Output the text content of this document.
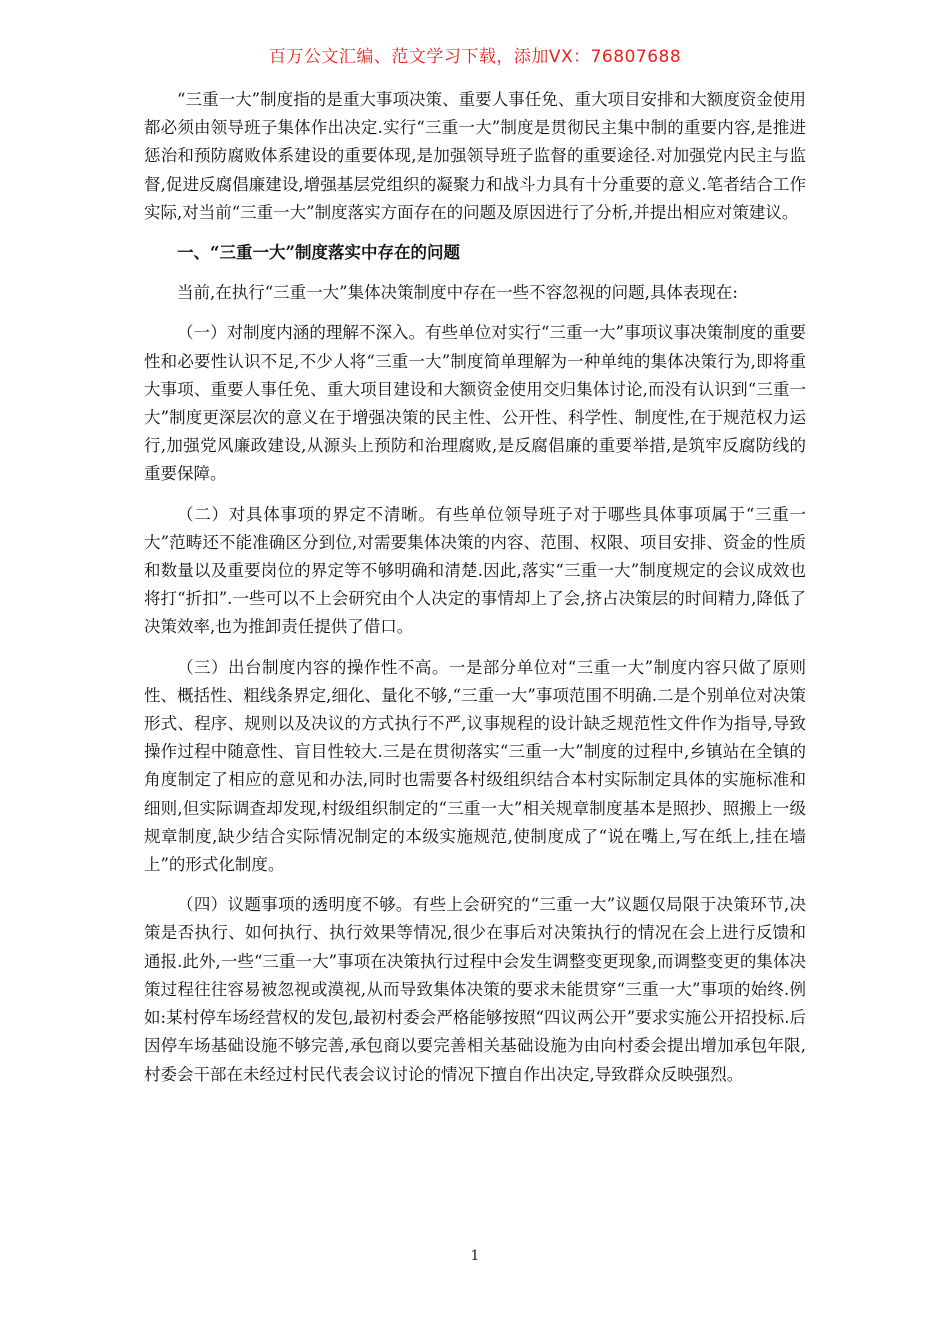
百万公文汇编、范文学习下载，添加VX：76807688

“三重一大”制度指的是重大事项决策、重要人事任免、重大项目安排和大额度资金使用都必须由领导班子集体作出决定.实行“三重一大”制度是贯彻民主集中制的重要内容,是推进惩治和预防腐败体系建设的重要体现,是加强领导班子监督的重要途径.对加强党内民主与监督,促进反腐倡廉建设,增强基层党组织的凝聚力和战斗力具有十分重要的意义.笔者结合工作实际,对当前“三重一大”制度落实方面存在的问题及原因进行了分析,并提出相应对策建议。

一、“三重一大”制度落实中存在的问题

当前,在执行“三重一大”集体决策制度中存在一些不容忽视的问题,具体表现在:

（一）对制度内涵的理解不深入。有些单位对实行“三重一大”事项议事决策制度的重要性和必要性认识不足,不少人将“三重一大”制度简单理解为一种单纯的集体决策行为,即将重大事项、重要人事任免、重大项目建设和大额资金使用交归集体讨论,而没有认识到“三重一大”制度更深层次的意义在于增强决策的民主性、公开性、科学性、制度性,在于规范权力运行,加强党风廉政建设,从源头上预防和治理腐败,是反腐倡廉的重要举措,是筑牢反腐防线的重要保障。

（二）对具体事项的界定不清晰。有些单位领导班子对于哪些具体事项属于“三重一大”范畴还不能准确区分到位,对需要集体决策的内容、范围、权限、项目安排、资金的性质和数量以及重要岗位的界定等不够明确和清楚.因此,落实“三重一大”制度规定的会议成效也将打“折扣”.一些可以不上会研究由个人决定的事情却上了会,挤占决策层的时间精力,降低了决策效率,也为推卸责任提供了借口。

（三）出台制度内容的操作性不高。一是部分单位对“三重一大”制度内容只做了原则性、概括性、粗线条界定,细化、量化不够,“三重一大”事项范围不明确.二是个别单位对决策形式、程序、规则以及决议的方式执行不严,议事规程的设计缺乏规范性文件作为指导,导致操作过程中随意性、盲目性较大.三是在贯彻落实“三重一大”制度的过程中,乡镇站在全镇的角度制定了相应的意见和办法,同时也需要各村级组织结合本村实际制定具体的实施标准和细则,但实际调查却发现,村级组织制定的“三重一大”相关规章制度基本是照抄、照搬上一级规章制度,缺少结合实际情况制定的本级实施规范,使制度成了“说在嘴上,写在纸上,挂在墙上”的形式化制度。

（四）议题事项的透明度不够。有些上会研究的“三重一大”议题仅局限于决策环节,决策是否执行、如何执行、执行效果等情况,很少在事后对决策执行的情况在会上进行反馈和通报.此外,一些“三重一大”事项在决策执行过程中会发生调整变更现象,而调整变更的集体决策过程往往容易被忽视或漠视,从而导致集体决策的要求未能贯穿“三重一大”事项的始终.例如:某村停车场经营权的发包,最初村委会严格能够按照“四议两公开”要求实施公开招投标.后因停车场基础设施不够完善,承包商以要完善相关基础设施为由向村委会提出增加承包年限,村委会干部在未经过村民代表会议讨论的情况下擅自作出决定,导致群众反映强烈。

1
